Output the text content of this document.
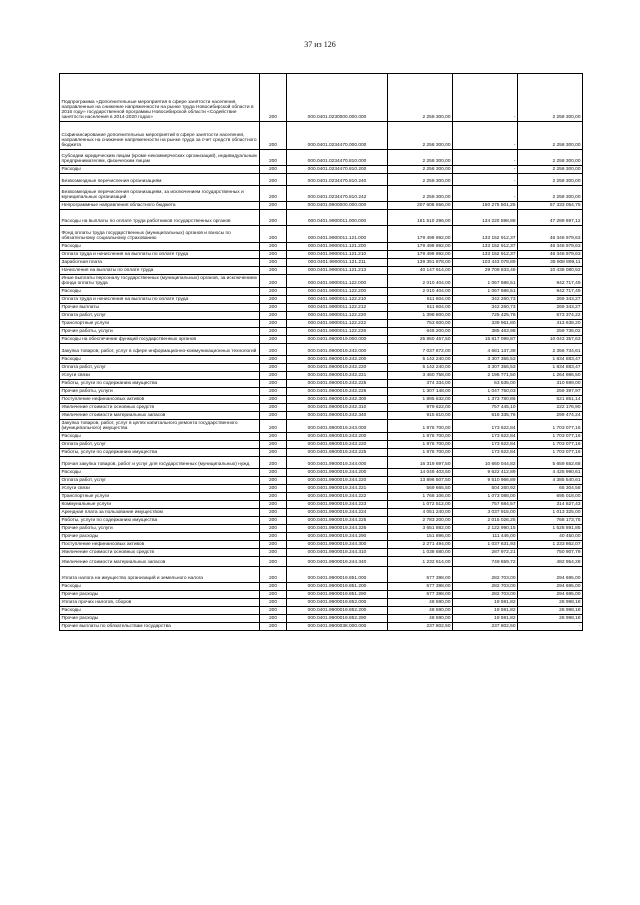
37 из 126
Подпрограмма «Дополнительные мероприятия в сфере занятости населения, направленные на снижение напряженности на рынке труда Новосибирской области в 2016 году» государственной программы Новосибирской области «Содействие занятости населения в 2014-2020 годах»	200	000.0401.0230000.000.000	2 258 300,00	-	2 258 300,00
Софинансирование дополнительных мероприятий в сфере занятости населения, направленных на снижение напряженности на рынке труда за счет средств областного бюджета	200	000.0401.0234470.000.000	2 258 300,00	-	2 258 300,00
Субсидии юридическим лицам (кроме некоммерческих организаций), индивидуальным предпринимателям, физическим лицам	200	000.0401.0234470.810.000	2 258 300,00	-	2 258 300,00
Расходы	200	000.0401.0234470.810.200	2 258 300,00	-	2 258 300,00
Безвозмездные перечисления организациям	200	000.0401.0234470.810.240	2 258 300,00	-	2 258 300,00
Безвозмездные перечисления организациям, за исключением государственных и муниципальных организаций	200	000.0401.0234470.810.242	2 258 300,00	-	2 258 300,00
Непрограммные направления областного бюджета	200	000.0401.9900000.000.000	207 608 556,00	150 275 501,25	57 333 054,75
Расходы на выплаты по оплате труда работников государственных органов	200	000.0401.9900011.000.000	181 510 296,00	134 220 598,88	47 289 697,12
Фонд оплаты труда государственных (муниципальных) органов и взносы по обязательному социальному страхованию	200	000.0401.9900011.121.000	179 499 892,00	133 152 912,37	46 346 979,63
Расходы	200	000.0401.9900011.121.200	179 499 892,00	133 152 912,37	46 346 979,63
Оплата труда и начисления на выплаты по оплате труда	200	000.0401.9900011.121.210	179 499 892,00	133 152 912,37	46 346 979,63
Заработная плата	200	000.0401.9900011.121.211	139 351 978,00	103 443 078,89	35 908 899,11
Начисления на выплаты по оплате труда	200	000.0401.9900011.121.213	40 147 914,00	29 709 833,48	10 438 080,52
Иные выплаты персоналу государственных (муниципальных) органов, за исключением фонда оплаты труда	200	000.0401.9900011.122.000	2 010 404,00	1 067 686,51	942 717,49
Расходы	200	000.0401.9900011.122.200	2 010 404,00	1 067 686,51	942 717,49
Оплата труда и начисления на выплаты по оплате труда	200	000.0401.9900011.122.210	611 604,00	342 260,73	269 343,27
Прочие выплаты	200	000.0401.9900011.122.212	611 604,00	342 260,73	269 343,27
Оплата работ, услуг	200	000.0401.9900011.122.220	1 398 800,00	725 425,78	673 374,22
Транспортные услуги	200	000.0401.9900011.122.222	753 600,00	339 961,80	413 638,20
Прочие работы, услуги	200	000.0401.9900011.122.226	645 200,00	385 463,98	259 736,02
Расходы на обеспечение функций государственных органов	200	000.0401.9900019.000.000	25 860 457,50	15 817 099,87	10 043 357,63
Закупка товаров, работ, услуг в сфере информационно-коммуникационных технологий	200	000.0401.9900019.242.000	7 037 872,00	4 681 137,39	2 356 734,61
Расходы	200	000.0401.9900019.242.200	5 142 240,00	3 307 356,53	1 834 883,47
Оплата работ, услуг	200	000.0401.9900019.242.220	5 142 240,00	3 307 356,53	1 834 883,47
Услуги связи	200	000.0401.9900019.242.221	3 460 758,00	2 195 771,50	1 264 986,50
Работы, услуги по содержанию имущества	200	000.0401.9900019.242.225	374 334,00	63 635,00	310 699,00
Прочие работы, услуги	200	000.0401.9900019.242.226	1 307 148,00	1 047 750,03	259 397,97
Поступление нефинансовых активов	200	000.0401.9900019.242.300	1 895 632,00	1 373 780,86	521 851,14
Увеличение стоимости основных средств	200	000.0401.9900019.242.310	979 622,00	757 445,10	222 176,90
Увеличение стоимости материальных запасов	200	000.0401.9900019.242.340	915 810,00	616 335,76	299 474,24
Закупка товаров, работ, услуг в целях капитального ремонта государственного (муниципального) имущества	200	000.0401.9900019.243.000	1 876 700,00	173 622,84	1 703 077,16
Расходы	200	000.0401.9900019.243.200	1 876 700,00	173 622,84	1 703 077,16
Оплата работ, услуг	200	000.0401.9900019.243.220	1 876 700,00	173 622,84	1 703 077,16
Работы, услуги по содержанию имущества	200	000.0401.9900019.243.225	1 876 700,00	173 622,84	1 703 077,16
Прочая закупка товаров, работ и услуг для государственных (муниципальных) нужд	200	000.0401.9900019.244.000	16 319 697,50	10 660 044,82	5 659 652,68
Расходы	200	000.0401.9900019.244.200	14 048 403,50	9 622 412,89	4 425 990,61
Оплата работ, услуг	200	000.0401.9900019.244.220	13 896 507,50	9 510 966,89	4 385 540,61
Услуги связи	200	000.0401.9900019.244.221	569 665,50	504 260,92	65 304,58
Транспортные услуги	200	000.0401.9900019.244.222	1 768 106,00	1 073 088,00	695 018,00
Коммунальные услуги	200	000.0401.9900019.244.223	1 072 512,00	757 684,57	314 827,43
Арендная плата за пользование имуществом	200	000.0401.9900019.244.224	4 051 240,00	3 037 915,00	1 013 325,00
Работы, услуги по содержанию имущества	200	000.0401.9900019.244.225	2 783 200,00	2 015 026,25	768 173,75
Прочие работы, услуги	200	000.0401.9900019.244.226	3 651 882,00	2 122 990,15	1 528 891,85
Прочие расходы	200	000.0401.9900019.244.290	151 896,00	111 446,00	40 450,00
Поступление нефинансовых активов	200	000.0401.9900019.244.300	2 271 494,00	1 037 631,93	1 233 862,07
Увеличение стоимости основных средств	200	000.0401.9900019.244.310	1 038 680,00	287 972,21	750 907,79
Увеличение стоимости материальных запасов	200	000.0401.9900019.244.340	1 232 614,00	749 659,72	482 954,28
Уплата налога на имущество организаций и земельного налога	200	000.0401.9900019.851.000	577 398,00	282 703,00	294 695,00
Расходы	200	000.0401.9900019.851.200	577 398,00	282 703,00	294 695,00
Прочие расходы	200	000.0401.9900019.851.290	577 398,00	282 703,00	294 695,00
Уплата прочих налогов, сборов	200	000.0401.9900019.852.000	48 590,00	19 591,82	28 998,18
Расходы	200	000.0401.9900019.852.200	48 590,00	19 591,82	28 998,18
Прочие расходы	200	000.0401.9900019.852.290	48 590,00	19 591,82	28 998,18
Прочие выплаты по обязательствам государства	200	000.0401.9900038.000.000	237 802,50	237 802,50	-
